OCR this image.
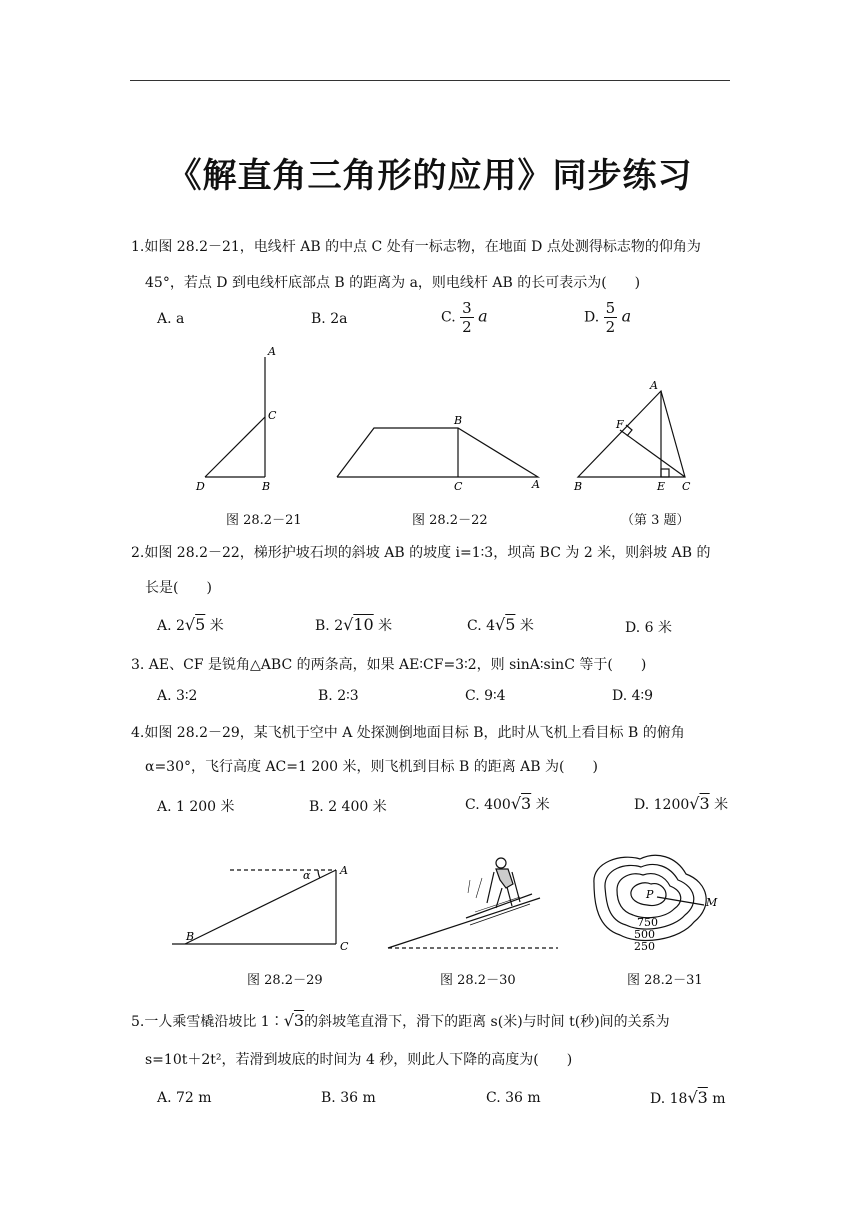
《解直角三角形的应用》同步练习
1.如图 28.2－21，电线杆 AB 的中点 C 处有一标志物，在地面 D 点处测得标志物的仰角为
45°，若点 D 到电线杆底部点 B 的距离为 a，则电线杆 AB 的长可表示为(　　)
A. a	B. 2a	C. $\frac{3}{2}$ a	D. $\frac{5}{2}$ a
A
C
D	B
B
C	A
A
F
B	E C
图 28.2－21	图 28.2－22	（第 3 题）
2.如图 28.2－22，梯形护坡石坝的斜坡 AB 的坡度 i=1∶3，坝高 BC 为 2 米，则斜坡 AB 的
长是(　　)
A. 2√5 米	B. 2√10 米	C. 4√5 米	D. 6 米
3. AE、CF 是锐角△ABC 的两条高，如果 AE∶CF=3∶2，则 sinA∶sinC 等于(　　)
A. 3∶2	B. 2∶3	C. 9∶4	D. 4∶9
4.如图 28.2－29，某飞机于空中 A 处探测倒地面目标 B，此时从飞机上看目标 B 的俯角
α=30°，飞行高度 AC=1 200 米，则飞机到目标 B 的距离 AB 为(　　)
A. 1 200 米	B. 2 400 米	C. 400√3 米	D. 1200√3 米
α	A
B
C
P
M
750
500
250
图 28.2－29	图 28.2－30	图 28.2－31
5.一人乘雪橇沿坡比 1∶√3的斜坡笔直滑下，滑下的距离 s(米)与时间 t(秒)间的关系为
s=10t＋2t²，若滑到坡底的时间为 4 秒，则此人下降的高度为(　　)
A. 72 m	B. 36 m	C. 36 m	D. 18√3 m
